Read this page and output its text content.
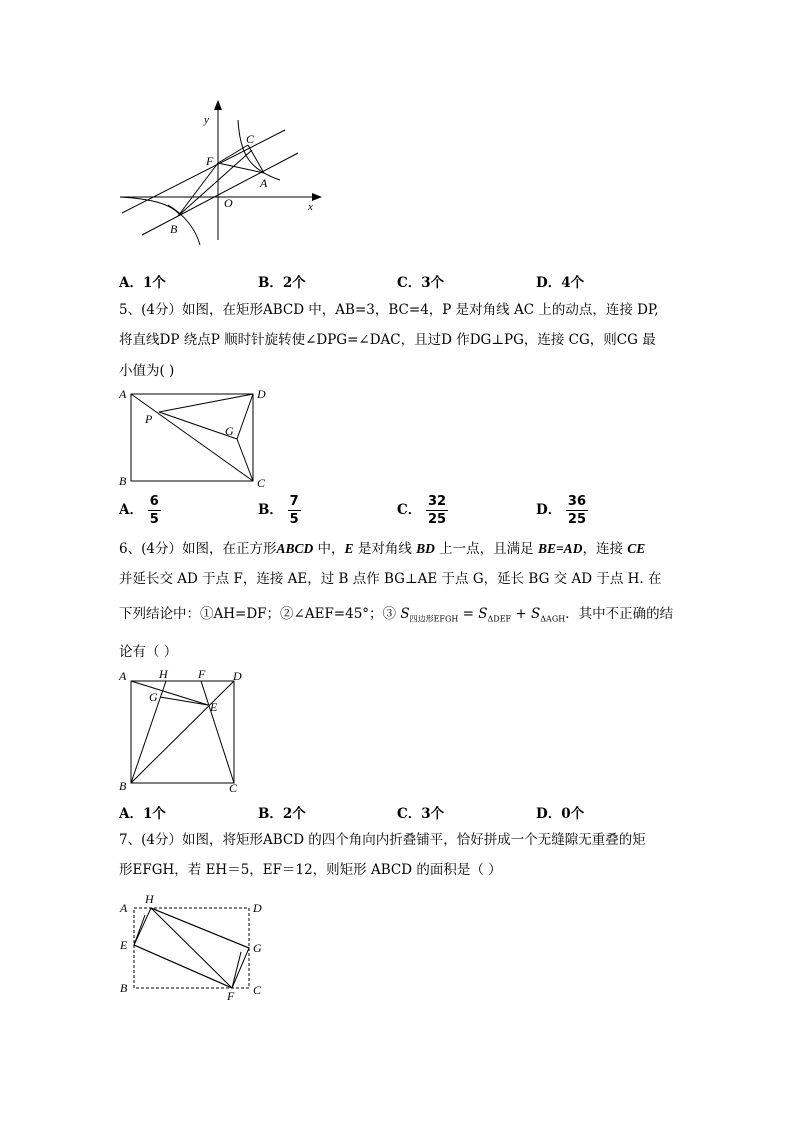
y
x
O
C
F
A
B
A．1个	B．2个	C．3个	D．4个
5、(4分）如图，在矩形ABCD 中，AB=3，BC=4，P 是对角线 AC 上的动点，连接 DP,
将直线DP 绕点P 顺时针旋转使∠DPG=∠DAC，且过D 作DG⊥PG，连接 CG，则CG 最
小值为( )
A	D
P
G
B	C
A． $\frac{6}{5}$	B． $\frac{7}{5}$	C． $\frac{32}{25}$	D． $\frac{36}{25}$
6、(4分）如图，在正方形ABCD 中，E 是对角线 BD 上一点，且满足 BE=AD，连接 CE
并延长交 AD 于点 F，连接 AE，过 B 点作 BG⊥AE 于点 G，延长 BG 交 AD 于点 H. 在
下列结论中：①AH=DF；②∠AEF=45°；③ $S_{四边形EFGH} = S_{\Delta DEF} + S_{\Delta AGH}$．其中不正确的结
论有（ ）
A	H	F D
G
E
B	C
A．1个	B．2个	C．3个	D．0个
7、(4分）如图，将矩形ABCD 的四个角向内折叠铺平，恰好拼成一个无缝隙无重叠的矩
形EFGH，若 EH＝5，EF＝12，则矩形 ABCD 的面积是（ ）
A
H
D
E	G
B
F C
